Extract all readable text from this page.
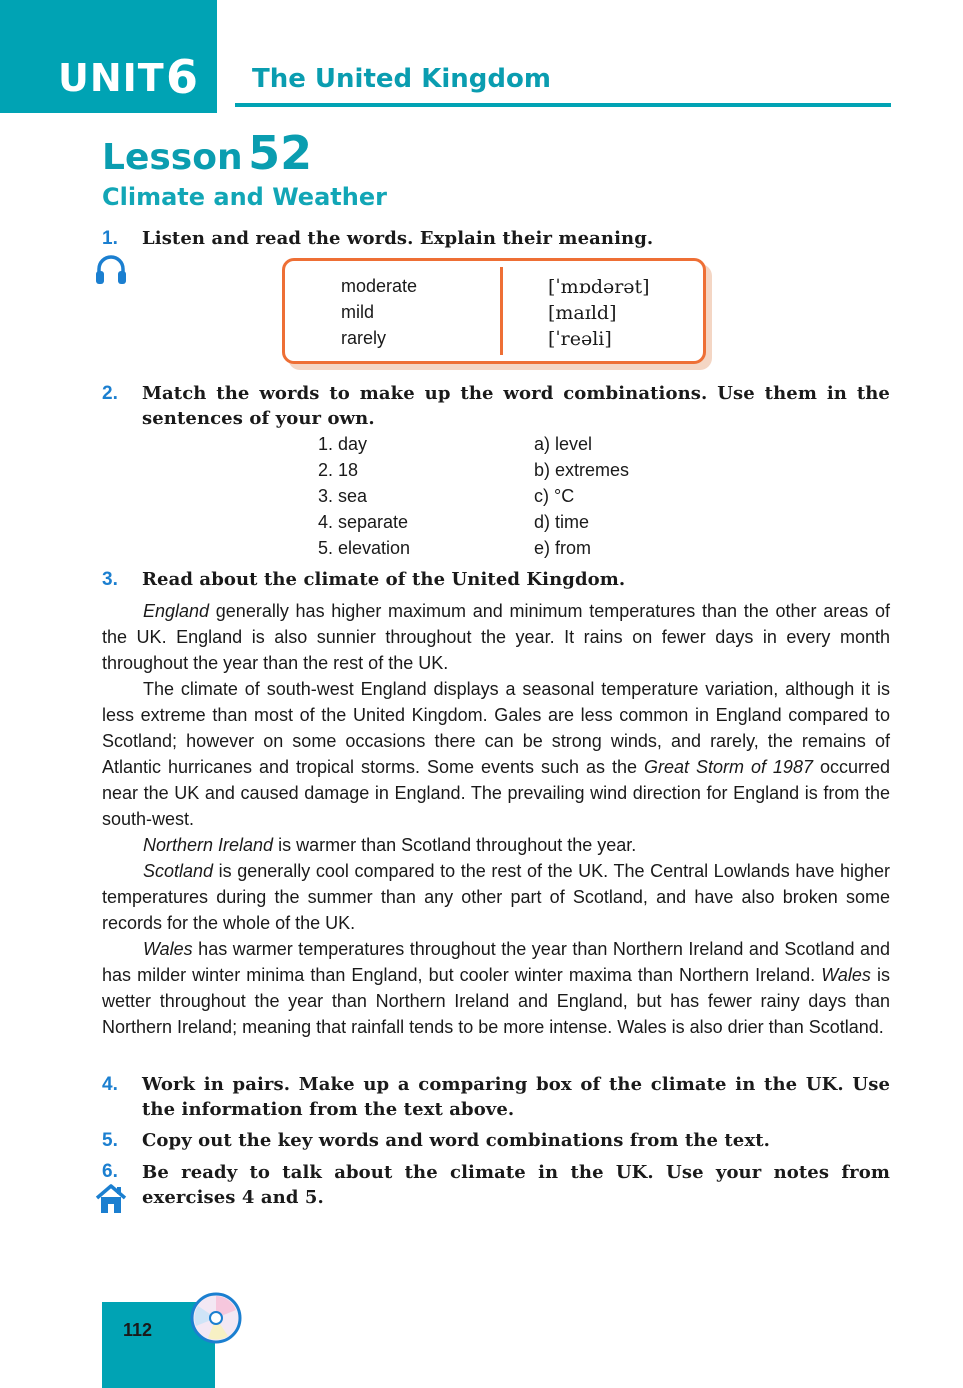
UNIT 6 The United Kingdom
Lesson 52
Climate and Weather
1. Listen and read the words. Explain their meaning.
moderate
mild
rarely
[ˈmɒdərət]
[maɪld]
[ˈreəli]
2. Match the words to make up the word combinations. Use them in the sentences of your own.
1. day
2. 18
3. sea
4. separate
5. elevation
a) level
b) extremes
c) °C
d) time
e) from
3. Read about the climate of the United Kingdom.

England generally has higher maximum and minimum temperatures than the other areas of the UK. England is also sunnier throughout the year. It rains on fewer days in every month throughout the year than the rest of the UK.

The climate of south-west England displays a seasonal temperature variation, although it is less extreme than most of the United Kingdom. Gales are less common in England compared to Scotland; however on some occasions there can be strong winds, and rarely, the remains of Atlantic hurricanes and tropical storms. Some events such as the Great Storm of 1987 occurred near the UK and caused damage in England. The prevailing wind direction for England is from the south-west.

Northern Ireland is warmer than Scotland throughout the year.

Scotland is generally cool compared to the rest of the UK. The Central Lowlands have higher temperatures during the summer than any other part of Scotland, and have also broken some records for the whole of the UK.

Wales has warmer temperatures throughout the year than Northern Ireland and Scotland and has milder winter minima than England, but cooler winter maxima than Northern Ireland. Wales is wetter throughout the year than Northern Ireland and England, but has fewer rainy days than Northern Ireland; meaning that rainfall tends to be more intense. Wales is also drier than Scotland.

4. Work in pairs. Make up a comparing box of the climate in the UK. Use the information from the text above.
5. Copy out the key words and word combinations from the text.
6. Be ready to talk about the climate in the UK. Use your notes from exercises 4 and 5.
112
